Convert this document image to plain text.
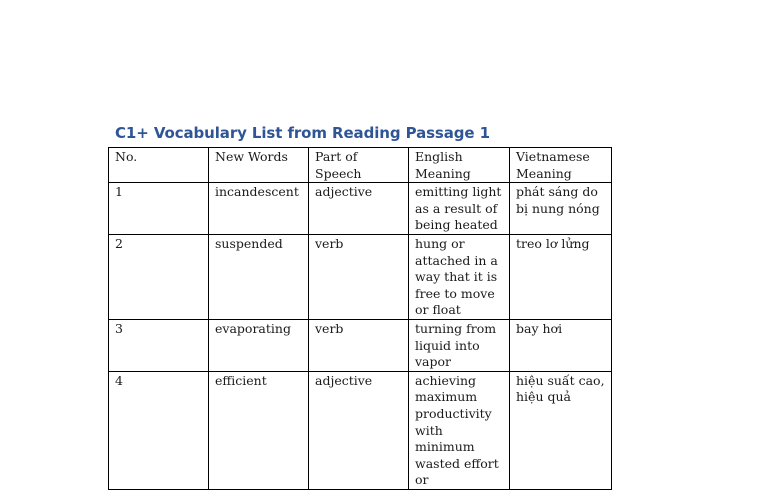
C1+ Vocabulary List from Reading Passage 1
No.	New Words	Part of Speech	English Meaning	Vietnamese Meaning
1	incandescent	adjective	emitting light as a result of being heated	phát sáng do bị nung nóng
2	suspended	verb	hung or attached in a way that it is free to move or float	treo lơ lửng
3	evaporating	verb	turning from liquid into vapor	bay hơi
4	efficient	adjective	achieving maximum productivity with minimum wasted effort or	hiệu suất cao, hiệu quả
